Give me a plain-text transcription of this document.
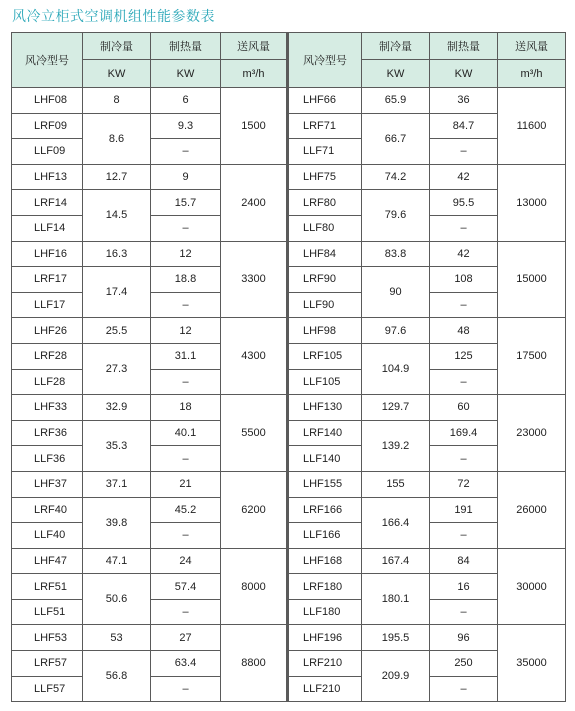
风冷立柜式空调机组性能参数表
风冷型号	制冷量	制热量	送风量	风冷型号	制冷量	制热量	送风量
	KW	KW	m³/h		KW	KW	m³/h
LHF08	8	6	1500	LHF66	65.9	36	11600
LRF09	8.6	9.3		LRF71	66.7	84.7	
LLF09		–		LLF71		–	
LHF13	12.7	9	2400	LHF75	74.2	42	13000
LRF14	14.5	15.7		LRF80	79.6	95.5	
LLF14		–		LLF80		–	
LHF16	16.3	12	3300	LHF84	83.8	42	15000
LRF17	17.4	18.8		LRF90	90	108	
LLF17		–		LLF90		–	
LHF26	25.5	12	4300	LHF98	97.6	48	17500
LRF28	27.3	31.1		LRF105	104.9	125	
LLF28		–		LLF105		–	
LHF33	32.9	18	5500	LHF130	129.7	60	23000
LRF36	35.3	40.1		LRF140	139.2	169.4	
LLF36		–		LLF140		–	
LHF37	37.1	21	6200	LHF155	155	72	26000
LRF40	39.8	45.2		LRF166	166.4	191	
LLF40		–		LLF166		–	
LHF47	47.1	24	8000	LHF168	167.4	84	30000
LRF51	50.6	57.4		LRF180	180.1	16	
LLF51		–		LLF180		–	
LHF53	53	27	8800	LHF196	195.5	96	35000
LRF57	56.8	63.4		LRF210	209.9	250	
LLF57		–		LLF210		–	
